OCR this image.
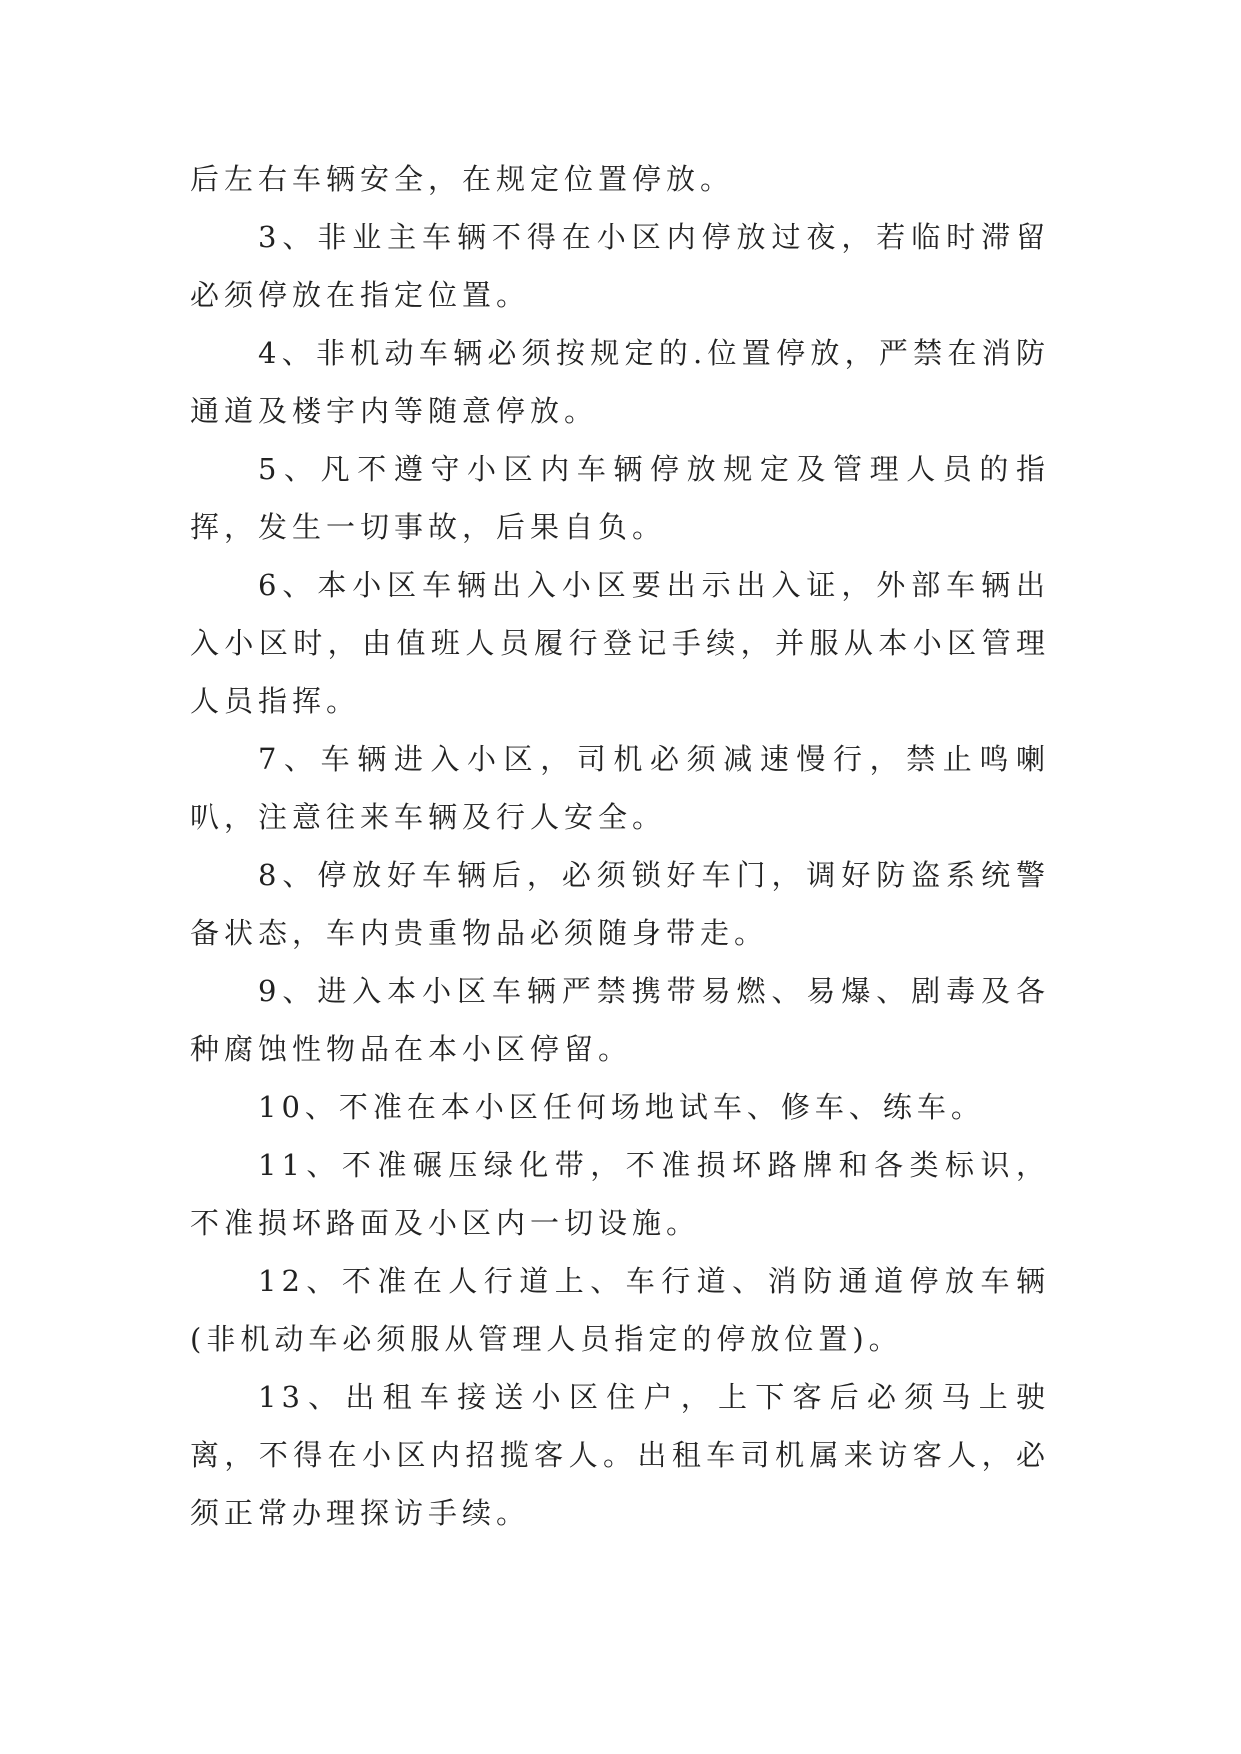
后左右车辆安全，在规定位置停放。

3、非业主车辆不得在小区内停放过夜，若临时滞留必须停放在指定位置。

4、非机动车辆必须按规定的.位置停放，严禁在消防通道及楼宇内等随意停放。

5、凡不遵守小区内车辆停放规定及管理人员的指挥，发生一切事故，后果自负。

6、本小区车辆出入小区要出示出入证，外部车辆出入小区时，由值班人员履行登记手续，并服从本小区管理人员指挥。

7、车辆进入小区，司机必须减速慢行，禁止鸣喇叭，注意往来车辆及行人安全。

8、停放好车辆后，必须锁好车门，调好防盗系统警备状态，车内贵重物品必须随身带走。

9、进入本小区车辆严禁携带易燃、易爆、剧毒及各种腐蚀性物品在本小区停留。

10、不准在本小区任何场地试车、修车、练车。

11、不准碾压绿化带，不准损坏路牌和各类标识，不准损坏路面及小区内一切设施。

12、不准在人行道上、车行道、消防通道停放车辆(非机动车必须服从管理人员指定的停放位置)。

13、出租车接送小区住户，上下客后必须马上驶离，不得在小区内招揽客人。出租车司机属来访客人，必须正常办理探访手续。
